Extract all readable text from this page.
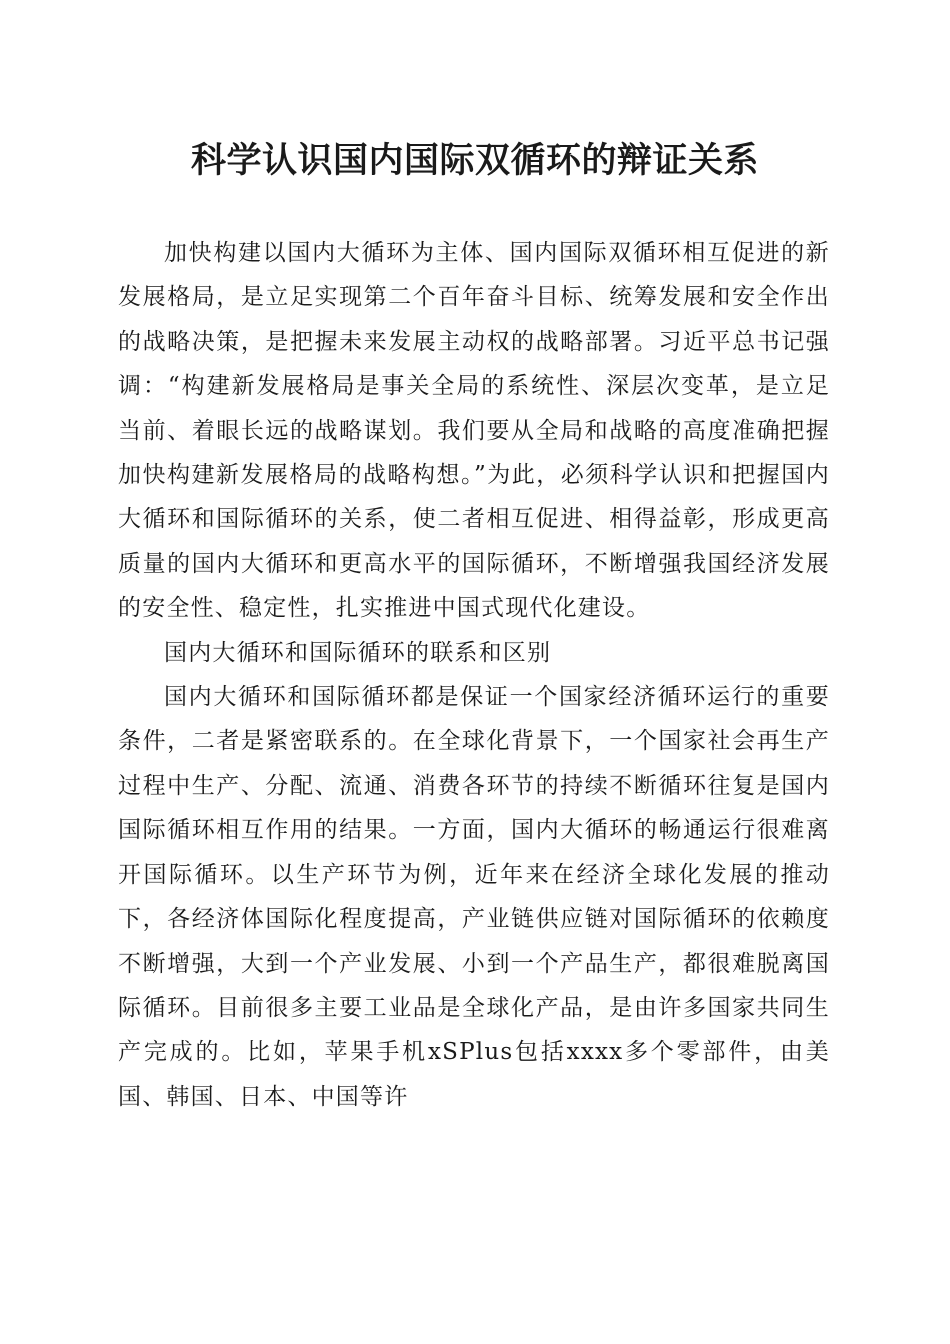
科学认识国内国际双循环的辩证关系

加快构建以国内大循环为主体、国内国际双循环相互促进的新发展格局，是立足实现第二个百年奋斗目标、统筹发展和安全作出的战略决策，是把握未来发展主动权的战略部署。习近平总书记强调：“构建新发展格局是事关全局的系统性、深层次变革，是立足当前、着眼长远的战略谋划。我们要从全局和战略的高度准确把握加快构建新发展格局的战略构想。”为此，必须科学认识和把握国内大循环和国际循环的关系，使二者相互促进、相得益彰，形成更高质量的国内大循环和更高水平的国际循环，不断增强我国经济发展的安全性、稳定性，扎实推进中国式现代化建设。

国内大循环和国际循环的联系和区别

国内大循环和国际循环都是保证一个国家经济循环运行的重要条件，二者是紧密联系的。在全球化背景下，一个国家社会再生产过程中生产、分配、流通、消费各环节的持续不断循环往复是国内国际循环相互作用的结果。一方面，国内大循环的畅通运行很难离开国际循环。以生产环节为例，近年来在经济全球化发展的推动下，各经济体国际化程度提高，产业链供应链对国际循环的依赖度不断增强，大到一个产业发展、小到一个产品生产，都很难脱离国际循环。目前很多主要工业品是全球化产品，是由许多国家共同生产完成的。比如，苹果手机xSPlus包括xxxx多个零部件，由美国、韩国、日本、中国等许
